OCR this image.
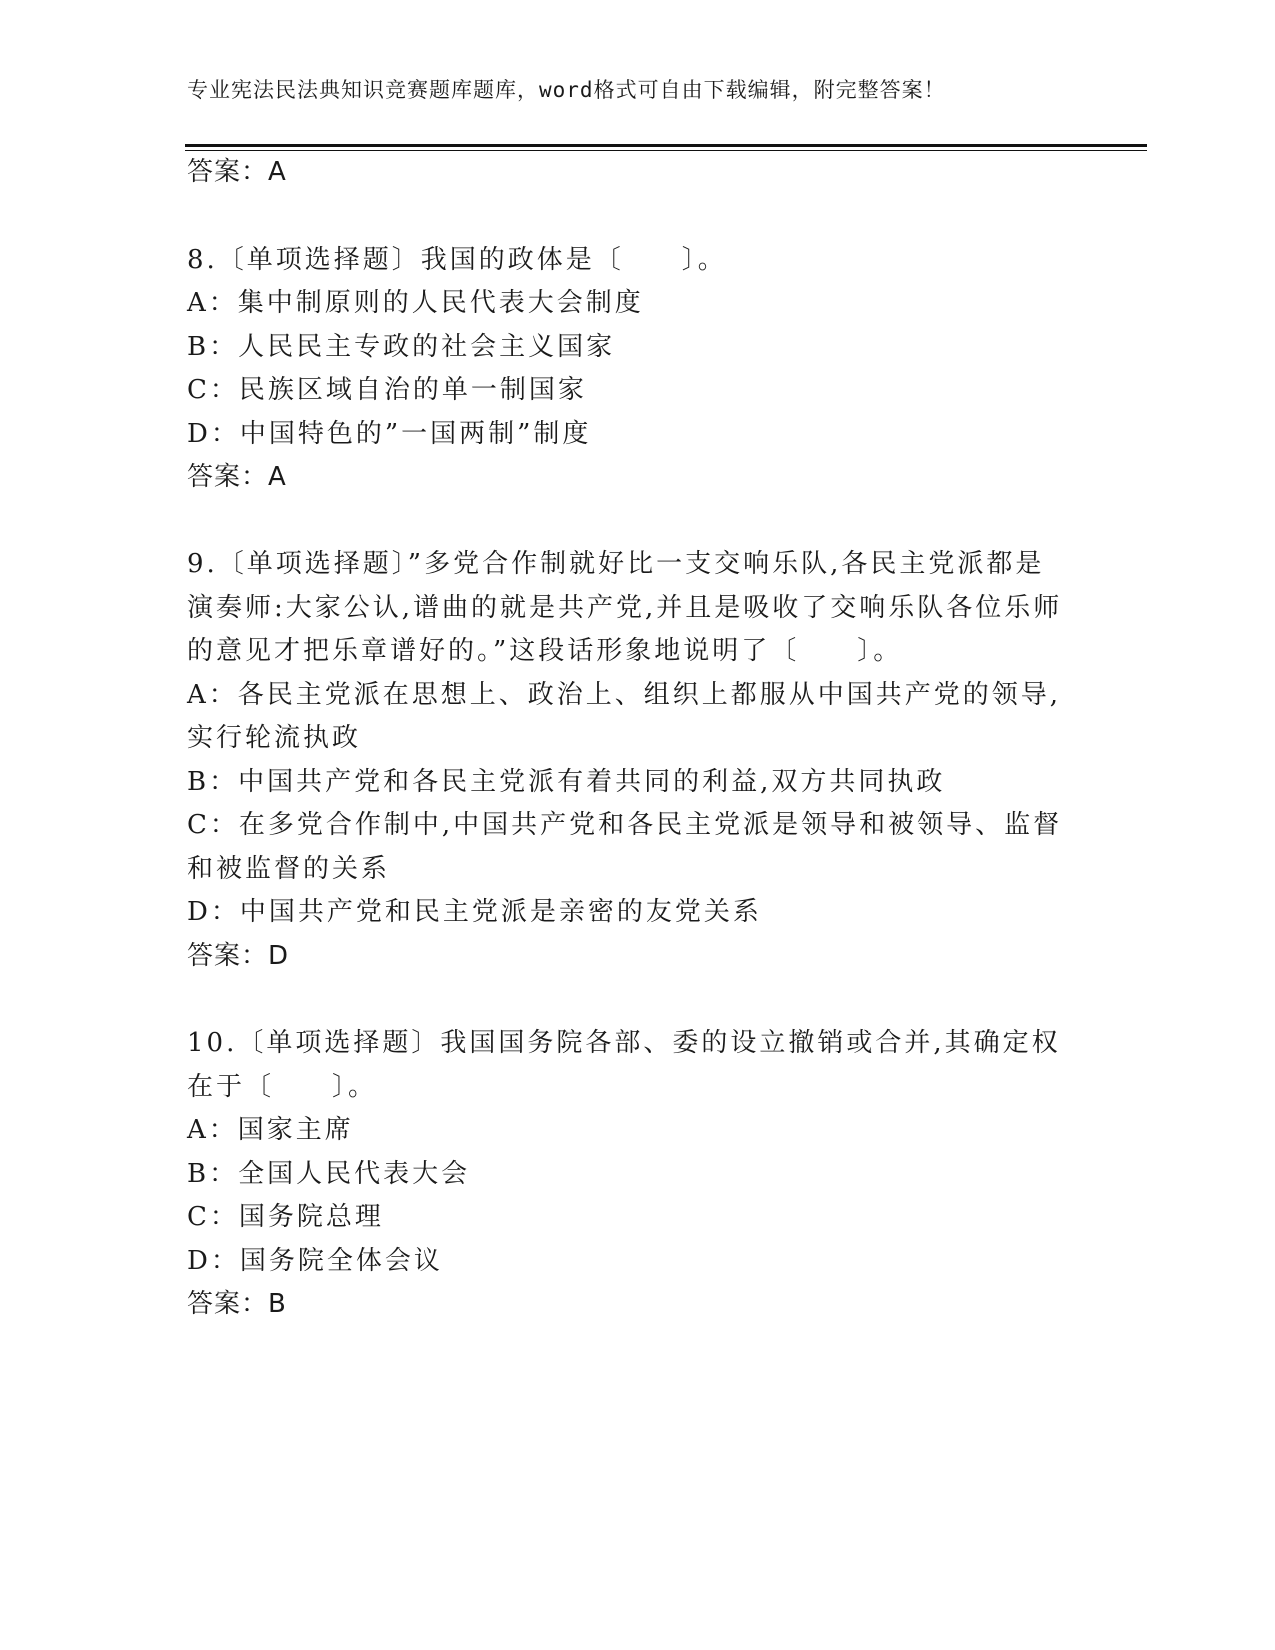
专业宪法民法典知识竞赛题库题库，word格式可自由下载编辑，附完整答案！
答案：A
8.〔单项选择题〕我国的政体是〔　　〕。
A：集中制原则的人民代表大会制度
B：人民民主专政的社会主义国家
C：民族区域自治的单一制国家
D：中国特色的”一国两制”制度
答案：A
9.〔单项选择题〕”多党合作制就好比一支交响乐队,各民主党派都是
演奏师:大家公认,谱曲的就是共产党,并且是吸收了交响乐队各位乐师
的意见才把乐章谱好的。”这段话形象地说明了〔　　〕。
A：各民主党派在思想上、政治上、组织上都服从中国共产党的领导,
实行轮流执政
B：中国共产党和各民主党派有着共同的利益,双方共同执政
C：在多党合作制中,中国共产党和各民主党派是领导和被领导、监督
和被监督的关系
D：中国共产党和民主党派是亲密的友党关系
答案：D
10.〔单项选择题〕我国国务院各部、委的设立撤销或合并,其确定权
在于〔　　〕。
A：国家主席
B：全国人民代表大会
C：国务院总理
D：国务院全体会议
答案：B
